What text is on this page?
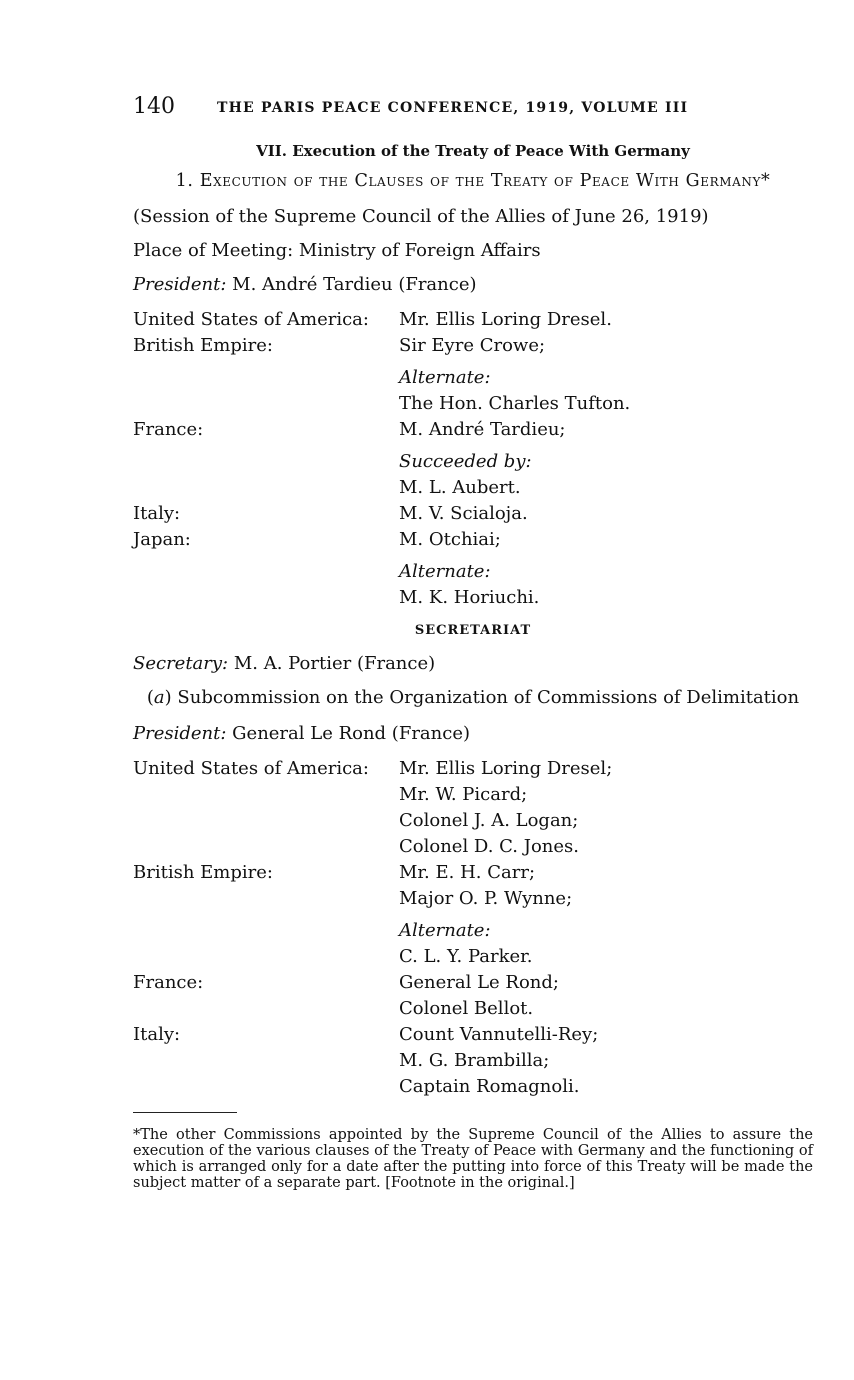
140	THE PARIS PEACE CONFERENCE, 1919, VOLUME III
VII. Execution of the Treaty of Peace With Germany
1. Execution of the Clauses of the Treaty of Peace With Germany*
(Session of the Supreme Council of the Allies of June 26, 1919)
Place of Meeting: Ministry of Foreign Affairs
President: M. André Tardieu (France)
United States of America:	Mr. Ellis Loring Dresel.
British Empire:	Sir Eyre Crowe;
Alternate:
The Hon. Charles Tufton.
France:	M. André Tardieu;
Succeeded by:
M. L. Aubert.
Italy:	M. V. Scialoja.
Japan:	M. Otchiai;
Alternate:
M. K. Horiuchi.
SECRETARIAT
Secretary: M. A. Portier (France)
(a) Subcommission on the Organization of Commissions of Delimitation
President: General Le Rond (France)
United States of America:	Mr. Ellis Loring Dresel;
Mr. W. Picard;
Colonel J. A. Logan;
Colonel D. C. Jones.
British Empire:	Mr. E. H. Carr;
Major O. P. Wynne;
Alternate:
C. L. Y. Parker.
France:	General Le Rond;
Colonel Bellot.
Italy:	Count Vannutelli-Rey;
M. G. Brambilla;
Captain Romagnoli.
*The other Commissions appointed by the Supreme Council of the Allies to assure the execution of the various clauses of the Treaty of Peace with Germany and the functioning of which is arranged only for a date after the putting into force of this Treaty will be made the subject matter of a separate part. [Footnote in the original.]
